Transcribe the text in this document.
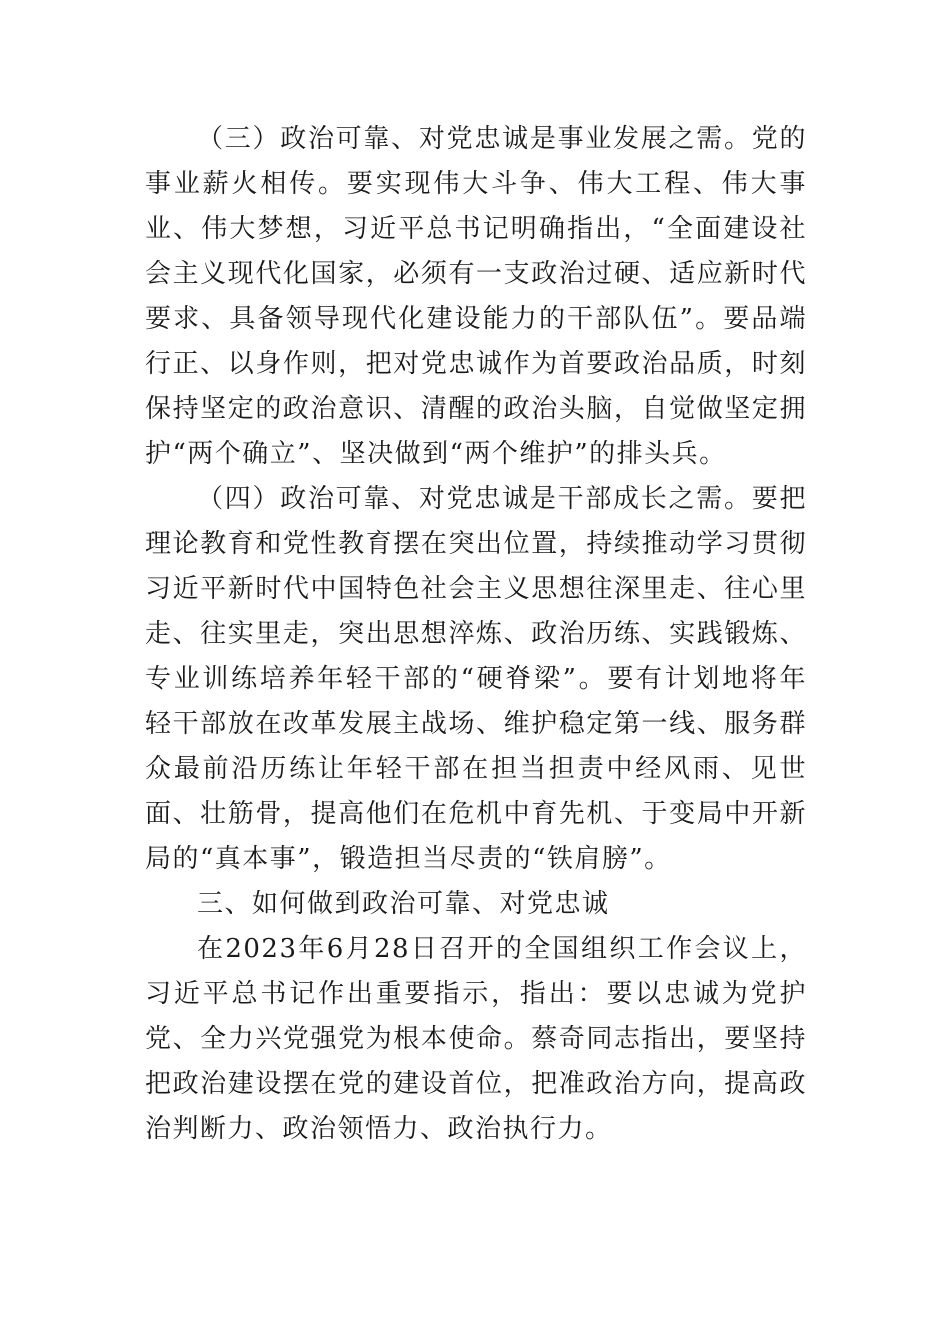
（三）政治可靠、对党忠诚是事业发展之需。党的事业薪火相传。要实现伟大斗争、伟大工程、伟大事业、伟大梦想，习近平总书记明确指出，“全面建设社会主义现代化国家，必须有一支政治过硬、适应新时代要求、具备领导现代化建设能力的干部队伍”。要品端行正、以身作则，把对党忠诚作为首要政治品质，时刻保持坚定的政治意识、清醒的政治头脑，自觉做坚定拥护“两个确立”、坚决做到“两个维护”的排头兵。

（四）政治可靠、对党忠诚是干部成长之需。要把理论教育和党性教育摆在突出位置，持续推动学习贯彻习近平新时代中国特色社会主义思想往深里走、往心里走、往实里走，突出思想淬炼、政治历练、实践锻炼、专业训练培养年轻干部的“硬脊梁”。要有计划地将年轻干部放在改革发展主战场、维护稳定第一线、服务群众最前沿历练让年轻干部在担当担责中经风雨、见世面、壮筋骨，提高他们在危机中育先机、于变局中开新局的“真本事”，锻造担当尽责的“铁肩膀”。

三、如何做到政治可靠、对党忠诚

在2023年6月28日召开的全国组织工作会议上，习近平总书记作出重要指示，指出：要以忠诚为党护党、全力兴党强党为根本使命。蔡奇同志指出，要坚持把政治建设摆在党的建设首位，把准政治方向，提高政治判断力、政治领悟力、政治执行力。
